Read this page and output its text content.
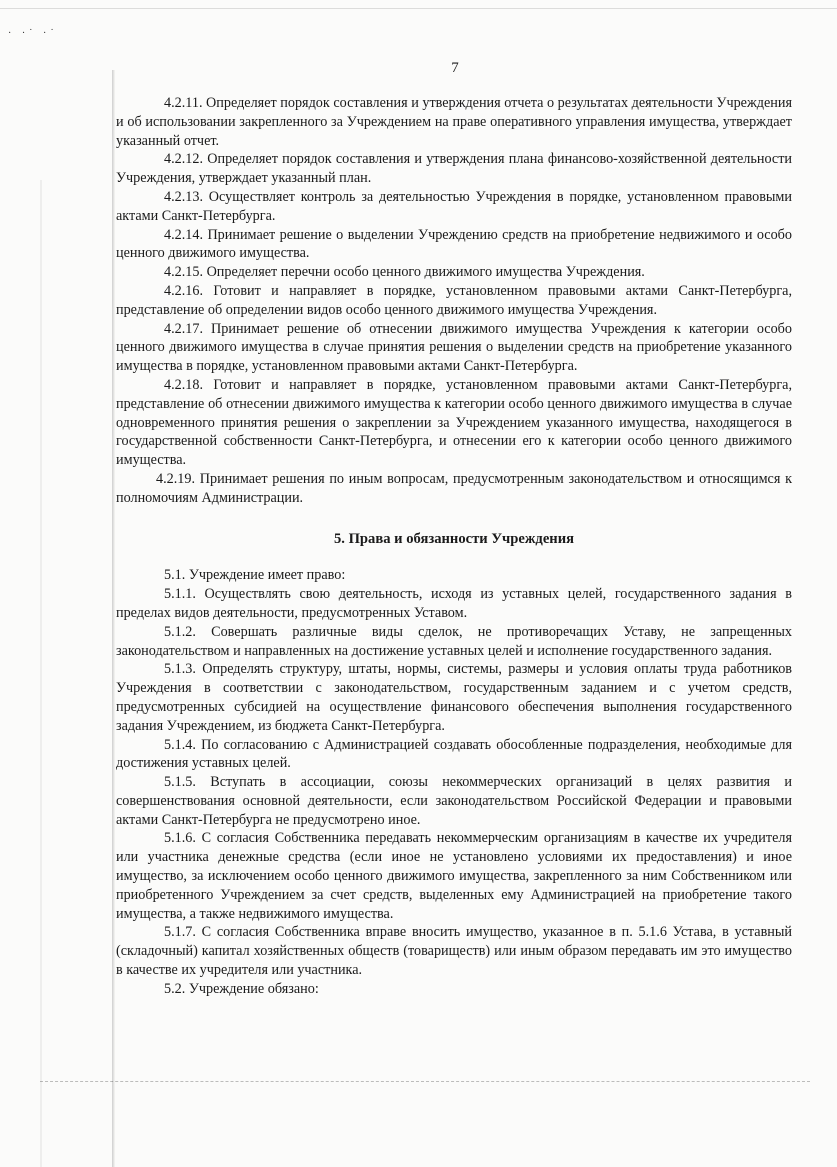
· ·˙ ·˙
7

4.2.11. Определяет порядок составления и утверждения отчета о результатах деятельности Учреждения и об использовании закрепленного за Учреждением на праве оперативного управления имущества, утверждает указанный отчет.

4.2.12. Определяет порядок составления и утверждения плана финансово-хозяйственной деятельности Учреждения, утверждает указанный план.

4.2.13. Осуществляет контроль за деятельностью Учреждения в порядке, установленном правовыми актами Санкт-Петербурга.

4.2.14. Принимает решение о выделении Учреждению средств на приобретение недвижимого и особо ценного движимого имущества.

4.2.15. Определяет перечни особо ценного движимого имущества Учреждения.

4.2.16. Готовит и направляет в порядке, установленном правовыми актами Санкт-Петербурга, представление об определении видов особо ценного движимого имущества Учреждения.

4.2.17. Принимает решение об отнесении движимого имущества Учреждения к категории особо ценного движимого имущества в случае принятия решения о выделении средств на приобретение указанного имущества в порядке, установленном правовыми актами Санкт-Петербурга.

4.2.18. Готовит и направляет в порядке, установленном правовыми актами Санкт-Петербурга, представление об отнесении движимого имущества к категории особо ценного движимого имущества в случае одновременного принятия решения о закреплении за Учреждением указанного имущества, находящегося в государственной собственности Санкт-Петербурга, и отнесении его к категории особо ценного движимого имущества.

4.2.19. Принимает решения по иным вопросам, предусмотренным законодательством и относящимся к полномочиям Администрации.

5. Права и обязанности Учреждения

5.1. Учреждение имеет право:

5.1.1. Осуществлять свою деятельность, исходя из уставных целей, государственного задания в пределах видов деятельности, предусмотренных Уставом.

5.1.2. Совершать различные виды сделок, не противоречащих Уставу, не запрещенных законодательством и направленных на достижение уставных целей и исполнение государственного задания.

5.1.3. Определять структуру, штаты, нормы, системы, размеры и условия оплаты труда работников Учреждения в соответствии с законодательством, государственным заданием и с учетом средств, предусмотренных субсидией на осуществление финансового обеспечения выполнения государственного задания Учреждением, из бюджета Санкт-Петербурга.

5.1.4. По согласованию с Администрацией создавать обособленные подразделения, необходимые для достижения уставных целей.

5.1.5. Вступать в ассоциации, союзы некоммерческих организаций в целях развития и совершенствования основной деятельности, если законодательством Российской Федерации и правовыми актами Санкт-Петербурга не предусмотрено иное.

5.1.6. С согласия Собственника передавать некоммерческим организациям в качестве их учредителя или участника денежные средства (если иное не установлено условиями их предоставления) и иное имущество, за исключением особо ценного движимого имущества, закрепленного за ним Собственником или приобретенного Учреждением за счет средств, выделенных ему Администрацией на приобретение такого имущества, а также недвижимого имущества.

5.1.7. С согласия Собственника вправе вносить имущество, указанное в п. 5.1.6 Устава, в уставный (складочный) капитал хозяйственных обществ (товариществ) или иным образом передавать им это имущество в качестве их учредителя или участника.

5.2. Учреждение обязано:
